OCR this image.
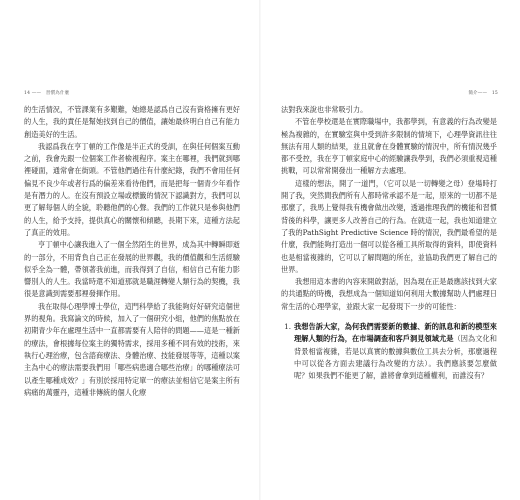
14 ——　習慣為什麼

的生活情況，不管課業有多艱難，她總是認爲自己沒有資格擁有更好的人生，我的責任是幫她找到自己的價值，讓她最終明白自己有能力創造美好的生活。

我認爲我在亨丁頓的工作像是半正式的受訓，在與任何個案互動之前，我會先跟一位個案工作者檢視程序。案主在哪裡，我們就到哪裡碰面，通常會在街頭。不管他們過往有什麼紀錄，我們不會用任何偏見不良少年或者行爲的偏差來看待他們，而是把每一個青少年看作是有潛力的人。在沒有預設立場或標籤的情況下認識對方，我們可以更了解每個人的全貌，聆聽他們的心聲。我們的工作就只是參與他們的人生，給予支持，提供真心的關懷和傾聽，長期下來，這種方法起了真正的效用。

亨丁頓中心讓我進入了一個全然陌生的世界，成為其中轉瞬即逝的一部分，不用背負自己正在發展的世界觀，我的價值觀和生活經驗似乎全為一體，帶領著我前進，而我得到了自信，相信自己有能力影響別人的人生。我當時還不知道那就是職涯轉變人類行為的契機，我很是意識到需要那裡發揮作用。

我在取得心理學博士學位，這門科學給了我能夠好好研究這個世界的視角。我寫論文的時候，加入了一個研究小組，他們的焦點放在初期青少年在處理生活中一直都需要有人陪伴的問題——這是一種新的療法，會根據每位案主的獨特需求，採用多種不同有效的技術，來執行心理治療，包含諮商療法、身體治療、技能發展等等，這種以案主為中心的療法需要我們用「哪些病患適合哪些治療」的哪種療法可以產生哪種成效？」有別於採用特定單一的療法並相信它是案主所有病痛的萬靈丹，這種非傳統的個人化療

簡介——　15

法對我來說也非常吸引力。

不管在學校還是在實際職場中，我都學到，有意義的行為改變是極為複雜的，在實驗室與中受到許多限制的情境下，心理學資訊往往無法有用人類的結果，並且就會在身體實驗的情況中，所有情況幾乎都不受控，我在亨丁頓家庭中心的經驗讓我學到，我們必須重視這種挑戰，可以常常開發出一種解方去處理。

這樣的想法，開了一道門，（它可以是一切轉變之母）登場時打開了我，突然間我們所有人都時常承認不是一起，原來的一切都不是那麼了，我馬上覺得我有機會做出改變，透過推理我們的機能和習慣背後的科學，讓更多人改善自己的行為。在就這一起，我也知道建立了我的PathSight Predictive Science 時的情況，我們最希望的是什麼，我們能夠打造出一個可以從各種工具所取得的資料，即使資料也是相當複雜的，它可以了解問題的所在，並協助我們更了解自己的世界。

我想用這本書的內容來開啟對話，因為現在正是最應該找到大家的共通點的時機，我想成為一個知道如何利用大數據幫助人們處理日常生活的心理學家，並跟大家一起發現下一步的可能性：

1. 我想告訴大家，為何我們需要新的數據、新的訊息和新的模型來理解人類的行為，在市場調查和客戶洞見領域尤是（因為文化和背景相當複雜，若是以真實的數據與數位工具去分析，那麼過程中可以從各方面去建議行為改變的方法）。我們應該要怎麼做呢？如果我們不能更了解，誰將會拿到這種權利，而誰沒有？
